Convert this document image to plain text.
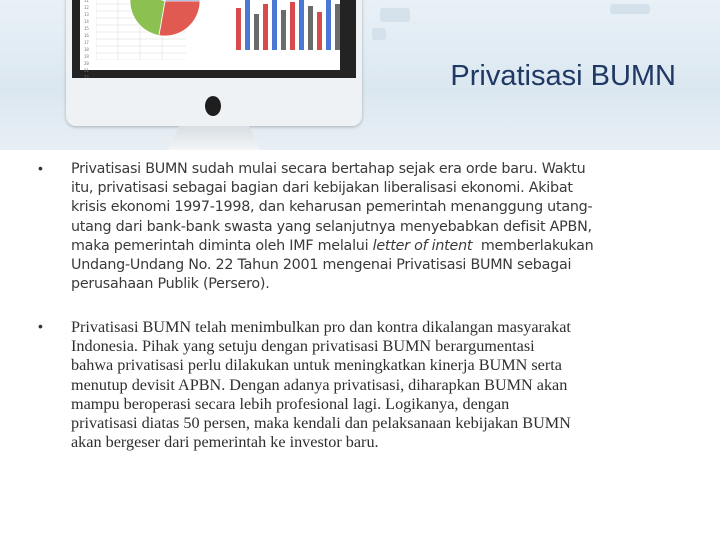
11
12
13
14
15
16
17
18
19
20
21
22	Privatisasi BUMN
• Privatisasi BUMN sudah mulai secara bertahap sejak era orde baru. Waktu
itu, privatisasi sebagai bagian dari kebijakan liberalisasi ekonomi. Akibat
krisis ekonomi 1997-1998, dan keharusan pemerintah menanggung utang-
utang dari bank-bank swasta yang selanjutnya menyebabkan defisit APBN,
maka pemerintah diminta oleh IMF melalui letter of intent  memberlakukan
Undang-Undang No. 22 Tahun 2001 mengenai Privatisasi BUMN sebagai
perusahaan Publik (Persero).
• Privatisasi BUMN telah menimbulkan pro dan kontra dikalangan masyarakat
Indonesia. Pihak yang setuju dengan privatisasi BUMN berargumentasi
bahwa privatisasi perlu dilakukan untuk meningkatkan kinerja BUMN serta
menutup devisit APBN. Dengan adanya privatisasi, diharapkan BUMN akan
mampu beroperasi secara lebih profesional lagi. Logikanya, dengan
privatisasi diatas 50 persen, maka kendali dan pelaksanaan kebijakan BUMN
akan bergeser dari pemerintah ke investor baru.
